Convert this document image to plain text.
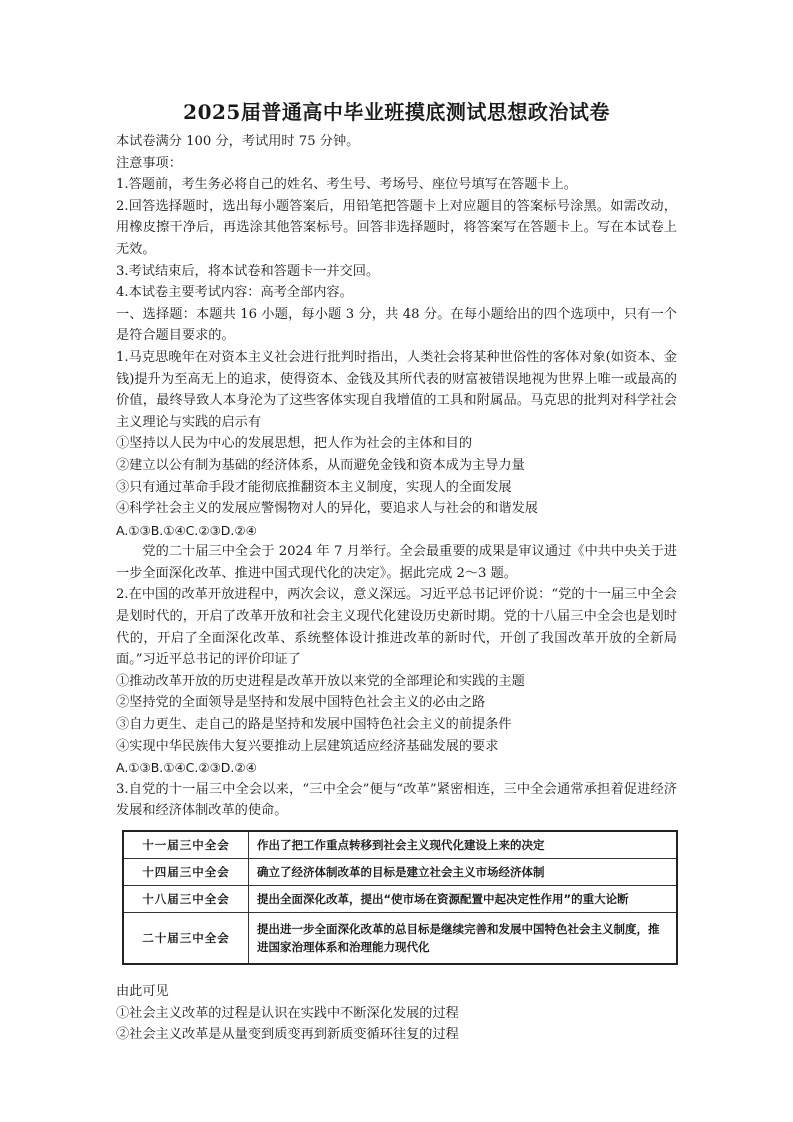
2025届普通高中毕业班摸底测试思想政治试卷

本试卷满分 100 分，考试用时 75 分钟。

注意事项：

1.答题前，考生务必将自己的姓名、考生号、考场号、座位号填写在答题卡上。

2.回答选择题时，选出每小题答案后，用铅笔把答题卡上对应题目的答案标号涂黑。如需改动，用橡皮擦干净后，再选涂其他答案标号。回答非选择题时，将答案写在答题卡上。写在本试卷上无效。

3.考试结束后，将本试卷和答题卡一并交回。

4.本试卷主要考试内容：高考全部内容。

一、选择题：本题共 16 小题，每小题 3 分，共 48 分。在每小题给出的四个选项中，只有一个是符合题目要求的。

1.马克思晚年在对资本主义社会进行批判时指出，人类社会将某种世俗性的客体对象(如资本、金钱)提升为至高无上的追求，使得资本、金钱及其所代表的财富被错误地视为世界上唯一或最高的价值，最终导致人本身沦为了这些客体实现自我增值的工具和附属品。马克思的批判对科学社会主义理论与实践的启示有

①坚持以人民为中心的发展思想，把人作为社会的主体和目的

②建立以公有制为基础的经济体系，从而避免金钱和资本成为主导力量

③只有通过革命手段才能彻底推翻资本主义制度，实现人的全面发展

④科学社会主义的发展应警惕物对人的异化，要追求人与社会的和谐发展

A.①③B.①④C.②③D.②④

党的二十届三中全会于 2024 年 7 月举行。全会最重要的成果是审议通过《中共中央关于进一步全面深化改革、推进中国式现代化的决定》。据此完成 2～3 题。

2.在中国的改革开放进程中，两次会议，意义深远。习近平总书记评价说：“党的十一届三中全会是划时代的，开启了改革开放和社会主义现代化建设历史新时期。党的十八届三中全会也是划时代的，开启了全面深化改革、系统整体设计推进改革的新时代，开创了我国改革开放的全新局面。”习近平总书记的评价印证了

①推动改革开放的历史进程是改革开放以来党的全部理论和实践的主题

②坚持党的全面领导是坚持和发展中国特色社会主义的必由之路

③自力更生、走自己的路是坚持和发展中国特色社会主义的前提条件

④实现中华民族伟大复兴要推动上层建筑适应经济基础发展的要求

A.①③B.①④C.②③D.②④

3.自党的十一届三中全会以来，“三中全会”便与“改革”紧密相连，三中全会通常承担着促进经济发展和经济体制改革的使命。

十一届三中全会	作出了把工作重点转移到社会主义现代化建设上来的决定
十四届三中全会	确立了经济体制改革的目标是建立社会主义市场经济体制
十八届三中全会	提出全面深化改革，提出“使市场在资源配置中起决定性作用”的重大论断
二十届三中全会	提出进一步全面深化改革的总目标是继续完善和发展中国特色社会主义制度，推进国家治理体系和治理能力现代化

由此可见

①社会主义改革的过程是认识在实践中不断深化发展的过程

②社会主义改革是从量变到质变再到新质变循环往复的过程
